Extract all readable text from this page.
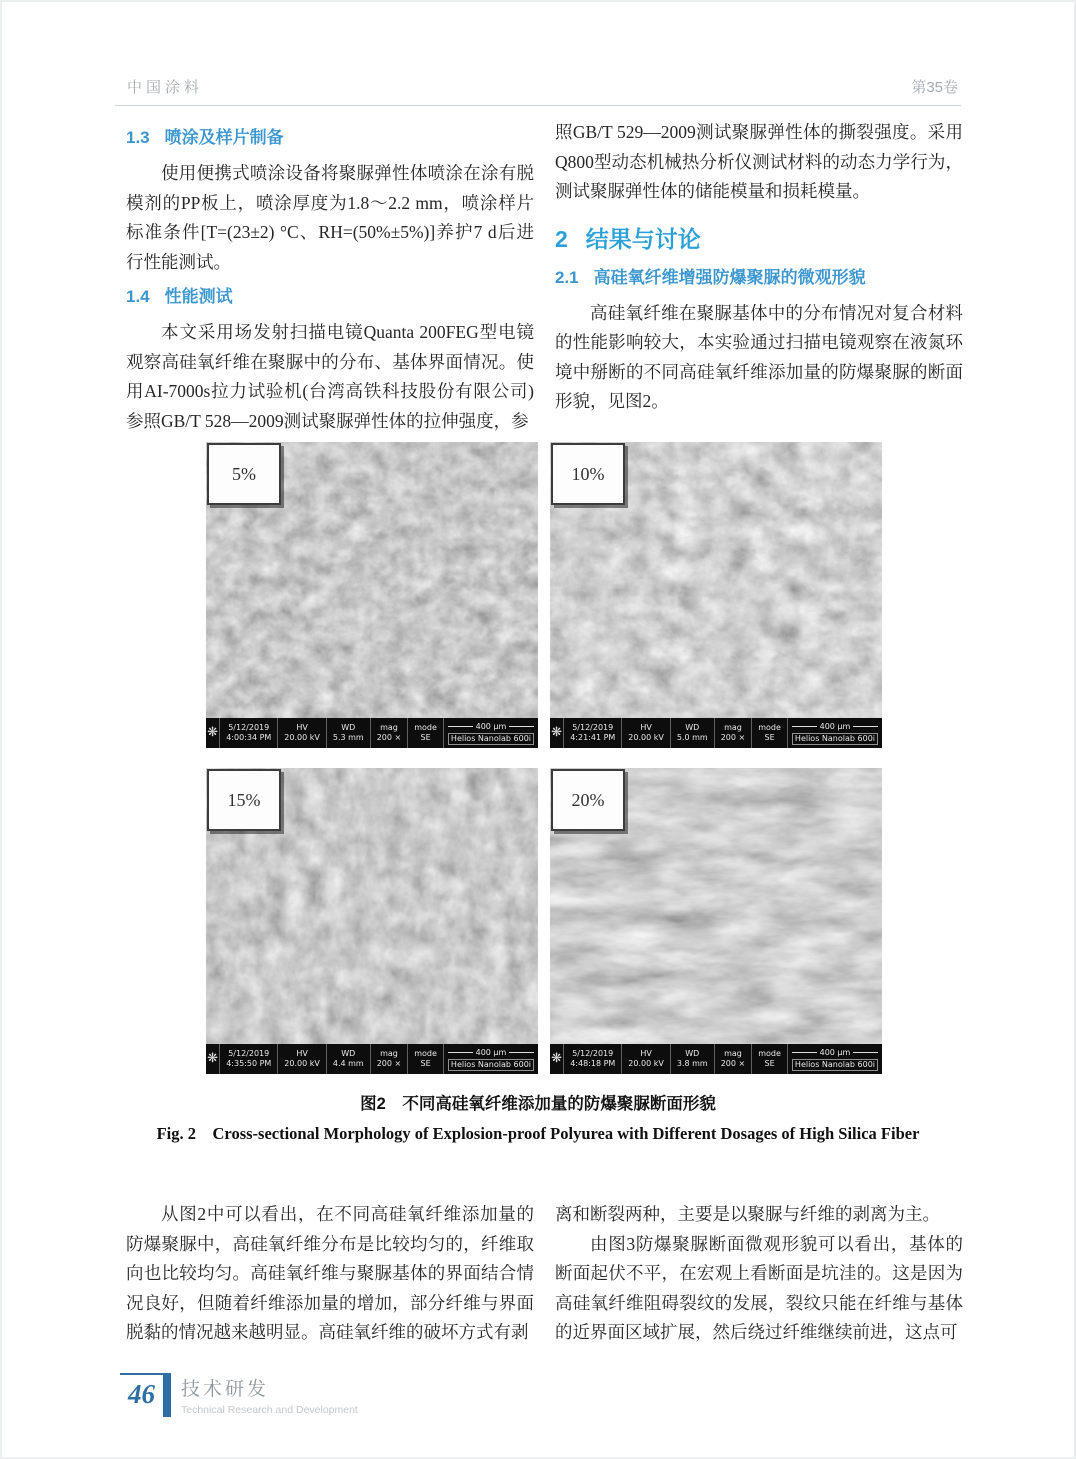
中国涂料	第35卷
1.3 喷涂及样片制备

使用便携式喷涂设备将聚脲弹性体喷涂在涂有脱模剂的PP板上，喷涂厚度为1.8～2.2 mm，喷涂样片标准条件[T=(23±2) °C、RH=(50%±5%)]养护7 d后进行性能测试。

1.4 性能测试

本文采用场发射扫描电镜Quanta 200FEG型电镜观察高硅氧纤维在聚脲中的分布、基体界面情况。使用AI-7000s拉力试验机(台湾高铁科技股份有限公司)参照GB/T 528—2009测试聚脲弹性体的拉伸强度，参

照GB/T 529—2009测试聚脲弹性体的撕裂强度。采用Q800型动态机械热分析仪测试材料的动态力学行为，测试聚脲弹性体的储能模量和损耗模量。

2 结果与讨论
2.1 高硅氧纤维增强防爆聚脲的微观形貌

高硅氧纤维在聚脲基体中的分布情况对复合材料的性能影响较大，本实验通过扫描电镜观察在液氮环境中掰断的不同高硅氧纤维添加量的防爆聚脲的断面形貌，见图2。

5%
❋ 5/12/2019
4:00:34 PM
HV
20.00 kV
WD
5.3 mm
mag
200 ×
mode
SE
400 μm
Helios Nanolab 600i
10%
❋ 5/12/2019
4:21:41 PM
HV
20.00 kV
WD
5.0 mm
mag
200 ×
mode
SE
400 μm
Helios Nanolab 600i
15%
❋ 5/12/2019
4:35:50 PM
HV
20.00 kV
WD
4.4 mm
mag
200 ×
mode
SE
400 μm
Helios Nanolab 600i
20%
❋ 5/12/2019
4:48:18 PM
HV
20.00 kV
WD
3.8 mm
mag
200 ×
mode
SE
400 μm
Helios Nanolab 600i
图2　不同高硅氧纤维添加量的防爆聚脲断面形貌
Fig. 2　Cross-sectional Morphology of Explosion-proof Polyurea with Different Dosages of High Silica Fiber

从图2中可以看出，在不同高硅氧纤维添加量的防爆聚脲中，高硅氧纤维分布是比较均匀的，纤维取向也比较均匀。高硅氧纤维与聚脲基体的界面结合情况良好，但随着纤维添加量的增加，部分纤维与界面脱黏的情况越来越明显。高硅氧纤维的破坏方式有剥

离和断裂两种，主要是以聚脲与纤维的剥离为主。

由图3防爆聚脲断面微观形貌可以看出，基体的断面起伏不平，在宏观上看断面是坑洼的。这是因为高硅氧纤维阻碍裂纹的发展，裂纹只能在纤维与基体的近界面区域扩展，然后绕过纤维继续前进，这点可

46	技术研发
Technical Research and Development
